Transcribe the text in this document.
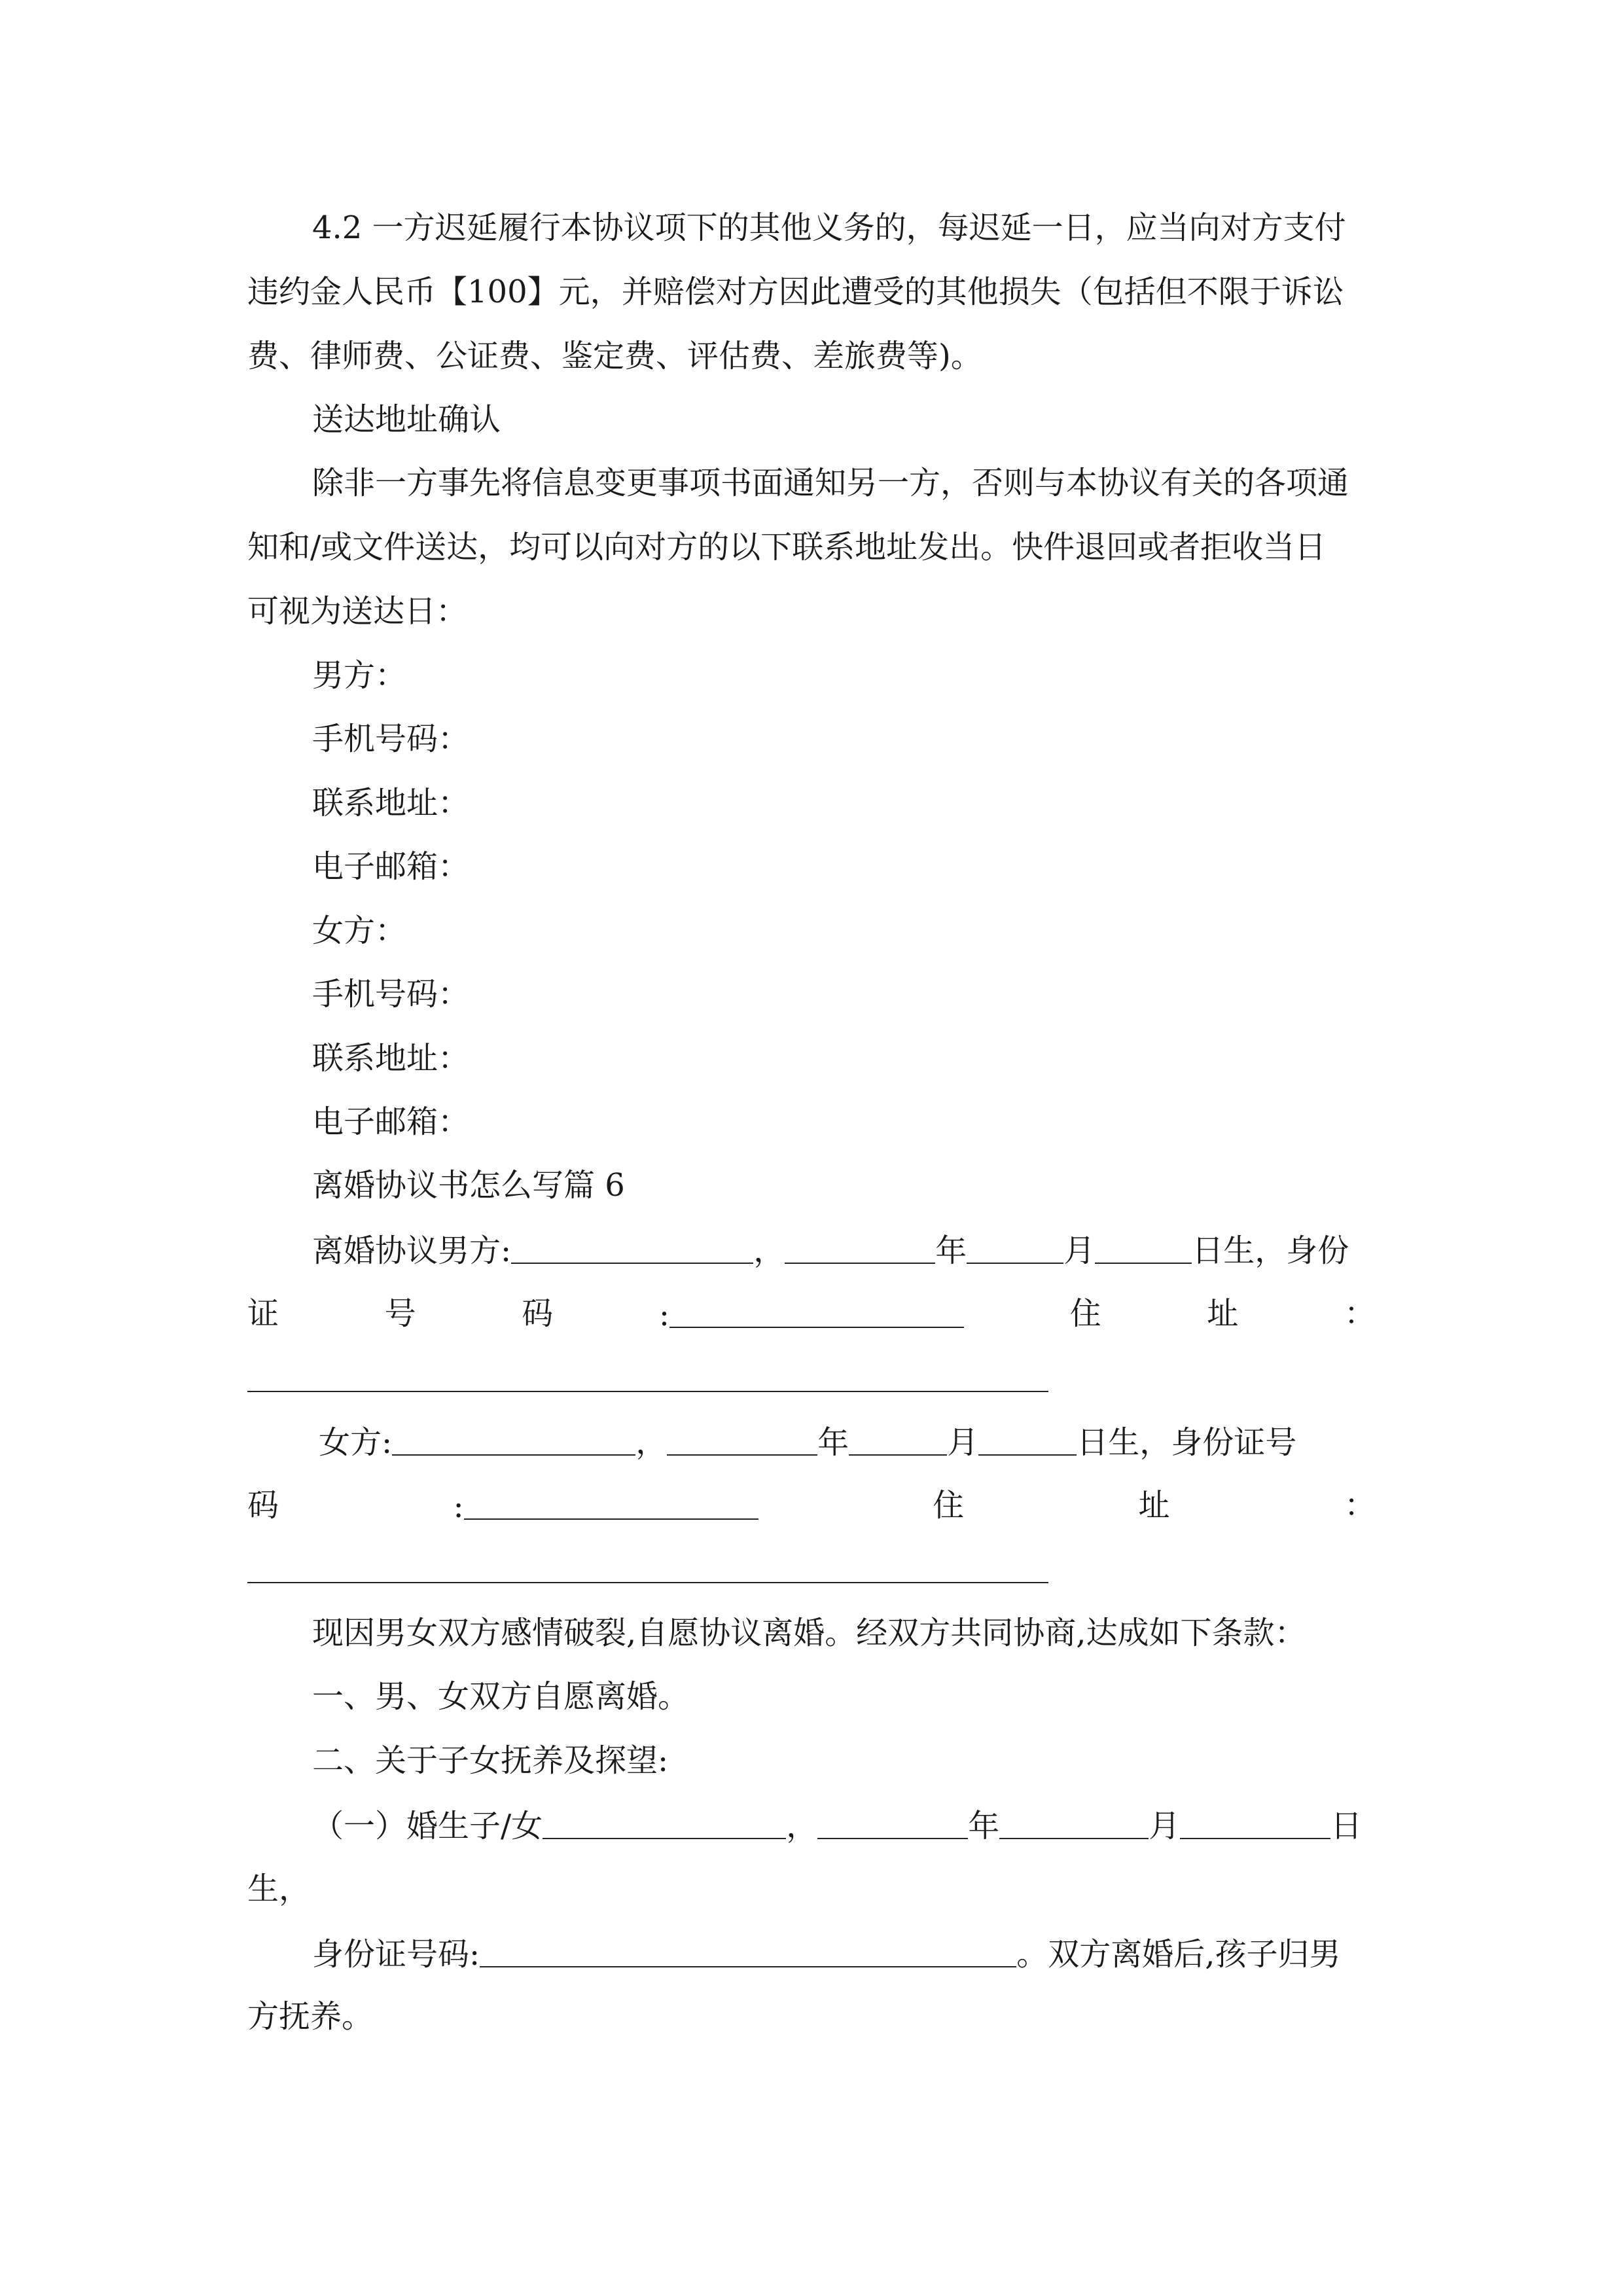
4.2 一方迟延履行本协议项下的其他义务的，每迟延一日，应当向对方支付
违约金人民币【100】元，并赔偿对方因此遭受的其他损失（包括但不限于诉讼
费、律师费、公证费、鉴定费、评估费、差旅费等)。
送达地址确认
除非一方事先将信息变更事项书面通知另一方，否则与本协议有关的各项通
知和/或文件送达，均可以向对方的以下联系地址发出。快件退回或者拒收当日
可视为送达日：
男方：
手机号码：
联系地址：
电子邮箱：
女方：
手机号码：
联系地址：
电子邮箱：
离婚协议书怎么写篇 6
离婚协议男方:	，	年	月	日生，身份
证	号	码	:	住	址	：
女方:	，	年	月	日生，身份证号
码	:	住	址	：
现因男女双方感情破裂,自愿协议离婚。经双方共同协商,达成如下条款：
一、男、女双方自愿离婚。
二、关于子女抚养及探望:
（一）婚生子/女	，	年	月	日
生，
身份证号码:	。双方离婚后,孩子归男
方抚养。
